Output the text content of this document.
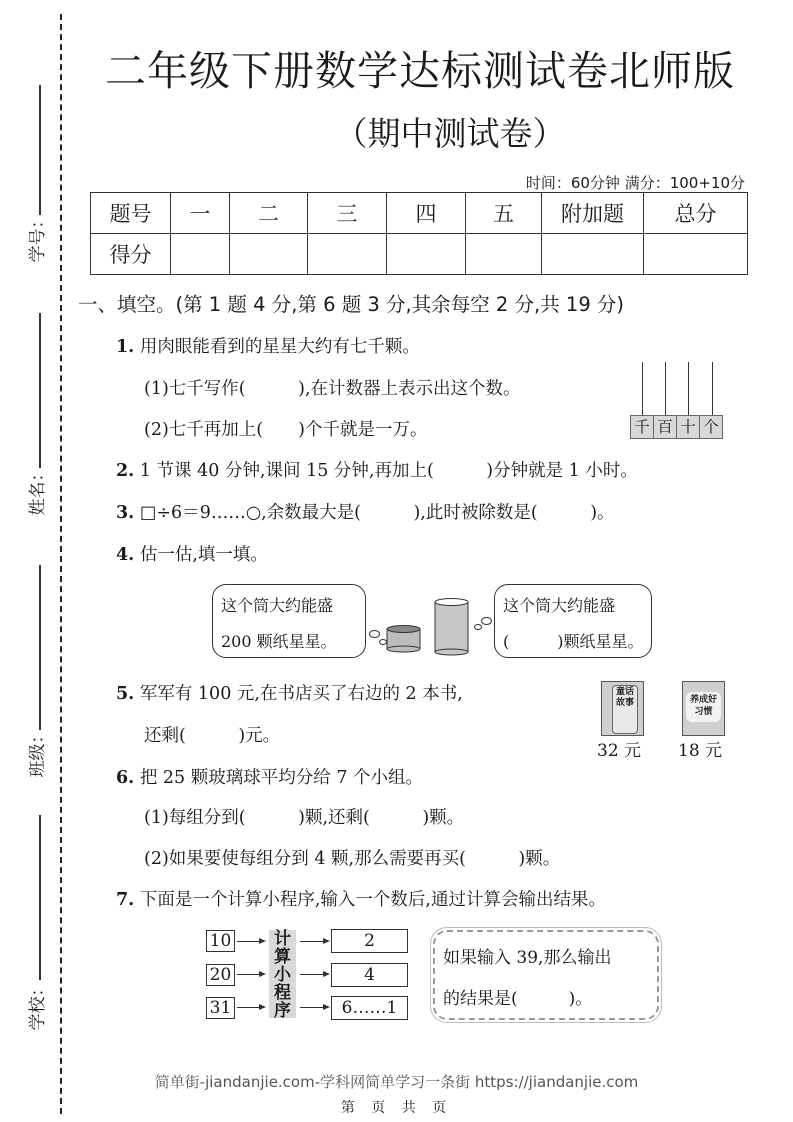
学号：
姓名：
班级：
学校：
二年级下册数学达标测试卷北师版
（期中测试卷）
时间：60分钟 满分：100+10分
题号	一	二	三	四	五	附加题	总分
得分							
一、填空。(第 1 题 4 分,第 6 题 3 分,其余每空 2 分,共 19 分)
1. 用肉眼能看到的星星大约有七千颗。
(1)七千写作(　　　),在计数器上表示出这个数。
(2)七千再加上(　　)个千就是一万。	千 百 十 个
2. 1 节课 40 分钟,课间 15 分钟,再加上(　　　)分钟就是 1 小时。
3. □÷6＝9……○,余数最大是(　　　),此时被除数是(　　　)。
4. 估一估,填一填。
这个筒大约能盛
200 颗纸星星。
这个筒大约能盛
(　　　)颗纸星星。
5. 军军有 100 元,在书店买了右边的 2 本书,
还剩(　　　)元。
童话故事
32 元
养成好习惯
18 元
6. 把 25 颗玻璃球平均分给 7 个小组。
(1)每组分到(　　　)颗,还剩(　　　)颗。
(2)如果要使每组分到 4 颗,那么需要再买(　　　)颗。
7. 下面是一个计算小程序,输入一个数后,通过计算会输出结果。
10
20
31
计
算
小
程
序
2
4
6……1
如果输入 39,那么输出
的结果是(　　　)。
简单街-jiandanjie.com-学科网简单学习一条街 https://jiandanjie.com
第 页 共 页
